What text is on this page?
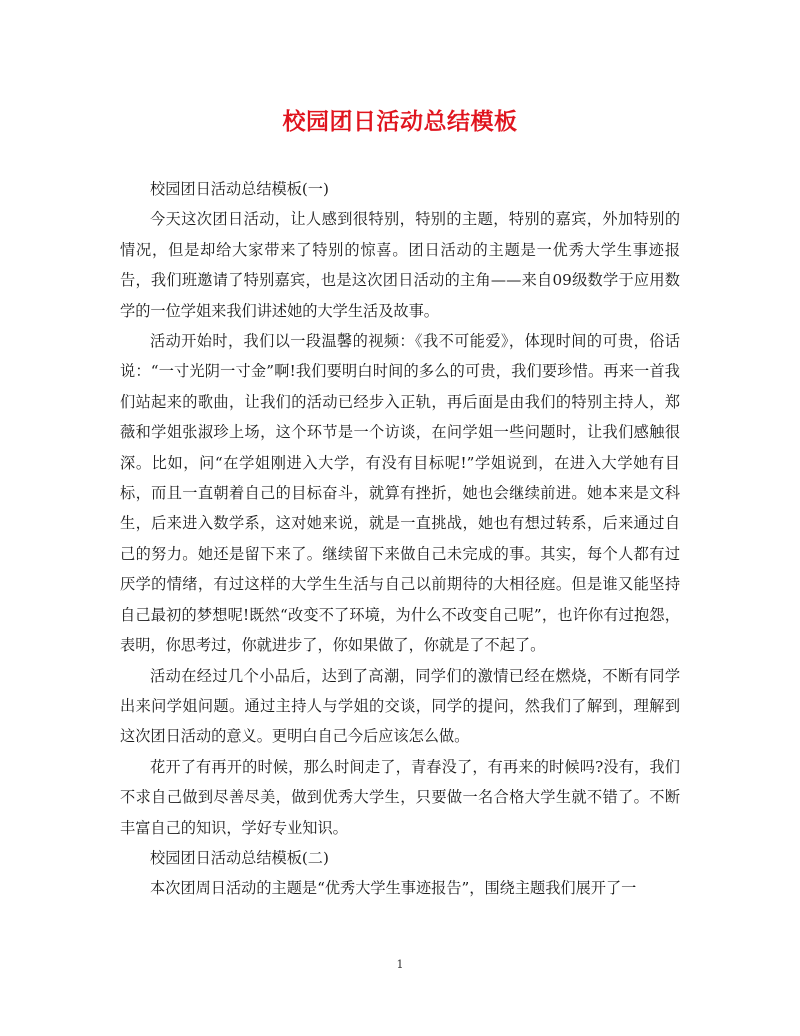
校园团日活动总结模板

校园团日活动总结模板(一)

今天这次团日活动，让人感到很特别，特别的主题，特别的嘉宾，外加特别的情况，但是却给大家带来了特别的惊喜。团日活动的主题是一优秀大学生事迹报告，我们班邀请了特别嘉宾，也是这次团日活动的主角——来自09级数学于应用数学的一位学姐来我们讲述她的大学生活及故事。

活动开始时，我们以一段温馨的视频：《我不可能爱》，体现时间的可贵，俗话说：“一寸光阴一寸金”啊!我们要明白时间的多么的可贵，我们要珍惜。再来一首我们站起来的歌曲，让我们的活动已经步入正轨，再后面是由我们的特别主持人，郑薇和学姐张淑珍上场，这个环节是一个访谈，在问学姐一些问题时，让我们感触很深。比如，问“在学姐刚进入大学，有没有目标呢!”学姐说到，在进入大学她有目标，而且一直朝着自己的目标奋斗，就算有挫折，她也会继续前进。她本来是文科生，后来进入数学系，这对她来说，就是一直挑战，她也有想过转系，后来通过自己的努力。她还是留下来了。继续留下来做自己未完成的事。其实，每个人都有过厌学的情绪，有过这样的大学生生活与自己以前期待的大相径庭。但是谁又能坚持自己最初的梦想呢!既然“改变不了环境，为什么不改变自己呢”，也许你有过抱怨，表明，你思考过，你就进步了，你如果做了，你就是了不起了。

活动在经过几个小品后，达到了高潮，同学们的激情已经在燃烧，不断有同学出来问学姐问题。通过主持人与学姐的交谈，同学的提问，然我们了解到，理解到这次团日活动的意义。更明白自己今后应该怎么做。

花开了有再开的时候，那么时间走了，青春没了，有再来的时候吗?没有，我们不求自己做到尽善尽美，做到优秀大学生，只要做一名合格大学生就不错了。不断丰富自己的知识，学好专业知识。

校园团日活动总结模板(二)

本次团周日活动的主题是“优秀大学生事迹报告”，围绕主题我们展开了一

1
